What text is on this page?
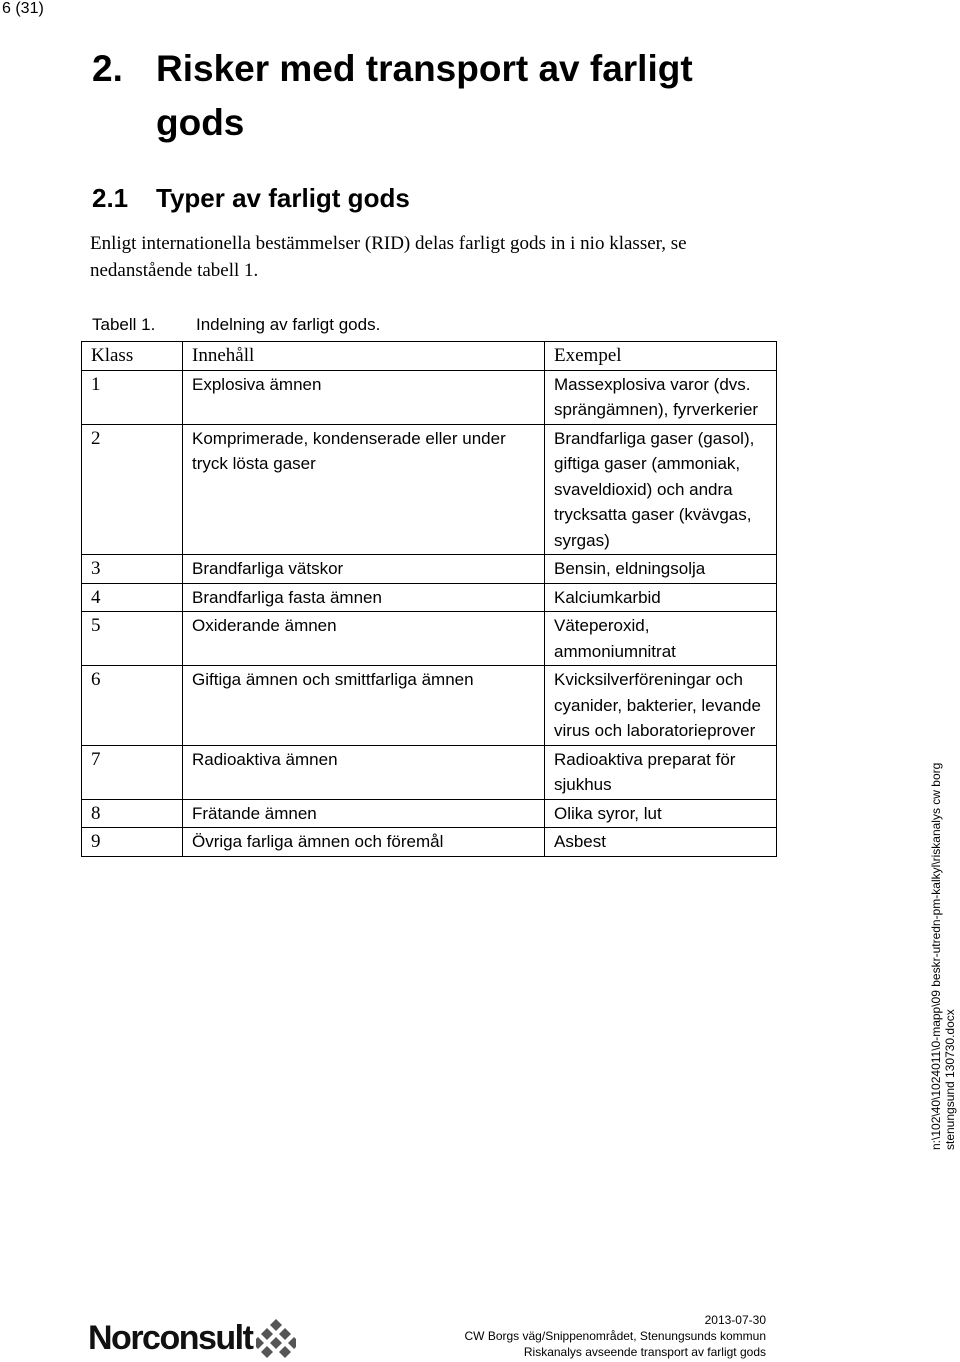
6 (31)
2. Risker med transport av farligt gods
2.1	Typer av farligt gods

Enligt internationella bestämmelser (RID) delas farligt gods in i nio klasser, se nedanstående tabell 1.

Tabell 1.	Indelning av farligt gods.
Klass	Innehåll	Exempel
1	Explosiva ämnen	Massexplosiva varor (dvs. sprängämnen), fyrverkerier
2	Komprimerade, kondenserade eller under tryck lösta gaser	Brandfarliga gaser (gasol), giftiga gaser (ammoniak, svaveldioxid) och andra trycksatta gaser (kvävgas, syrgas)
3	Brandfarliga vätskor	Bensin, eldningsolja
4	Brandfarliga fasta ämnen	Kalciumkarbid
5	Oxiderande ämnen	Väteperoxid, ammoniumnitrat
6	Giftiga ämnen och smittfarliga ämnen	Kvicksilverföreningar och cyanider, bakterier, levande virus och laboratorieprover
7	Radioaktiva ämnen	Radioaktiva preparat för sjukhus
8	Frätande ämnen	Olika syror, lut
9	Övriga farliga ämnen och föremål	Asbest	n:\102\40\1024011\0-mapp\09 beskr-utredn-pm-kalkyl\riskanalys cw borg stenungsund 130730.docx
Norconsult	2013-07-30
CW Borgs väg/Snippenområdet, Stenungsunds kommun
Riskanalys avseende transport av farligt gods
